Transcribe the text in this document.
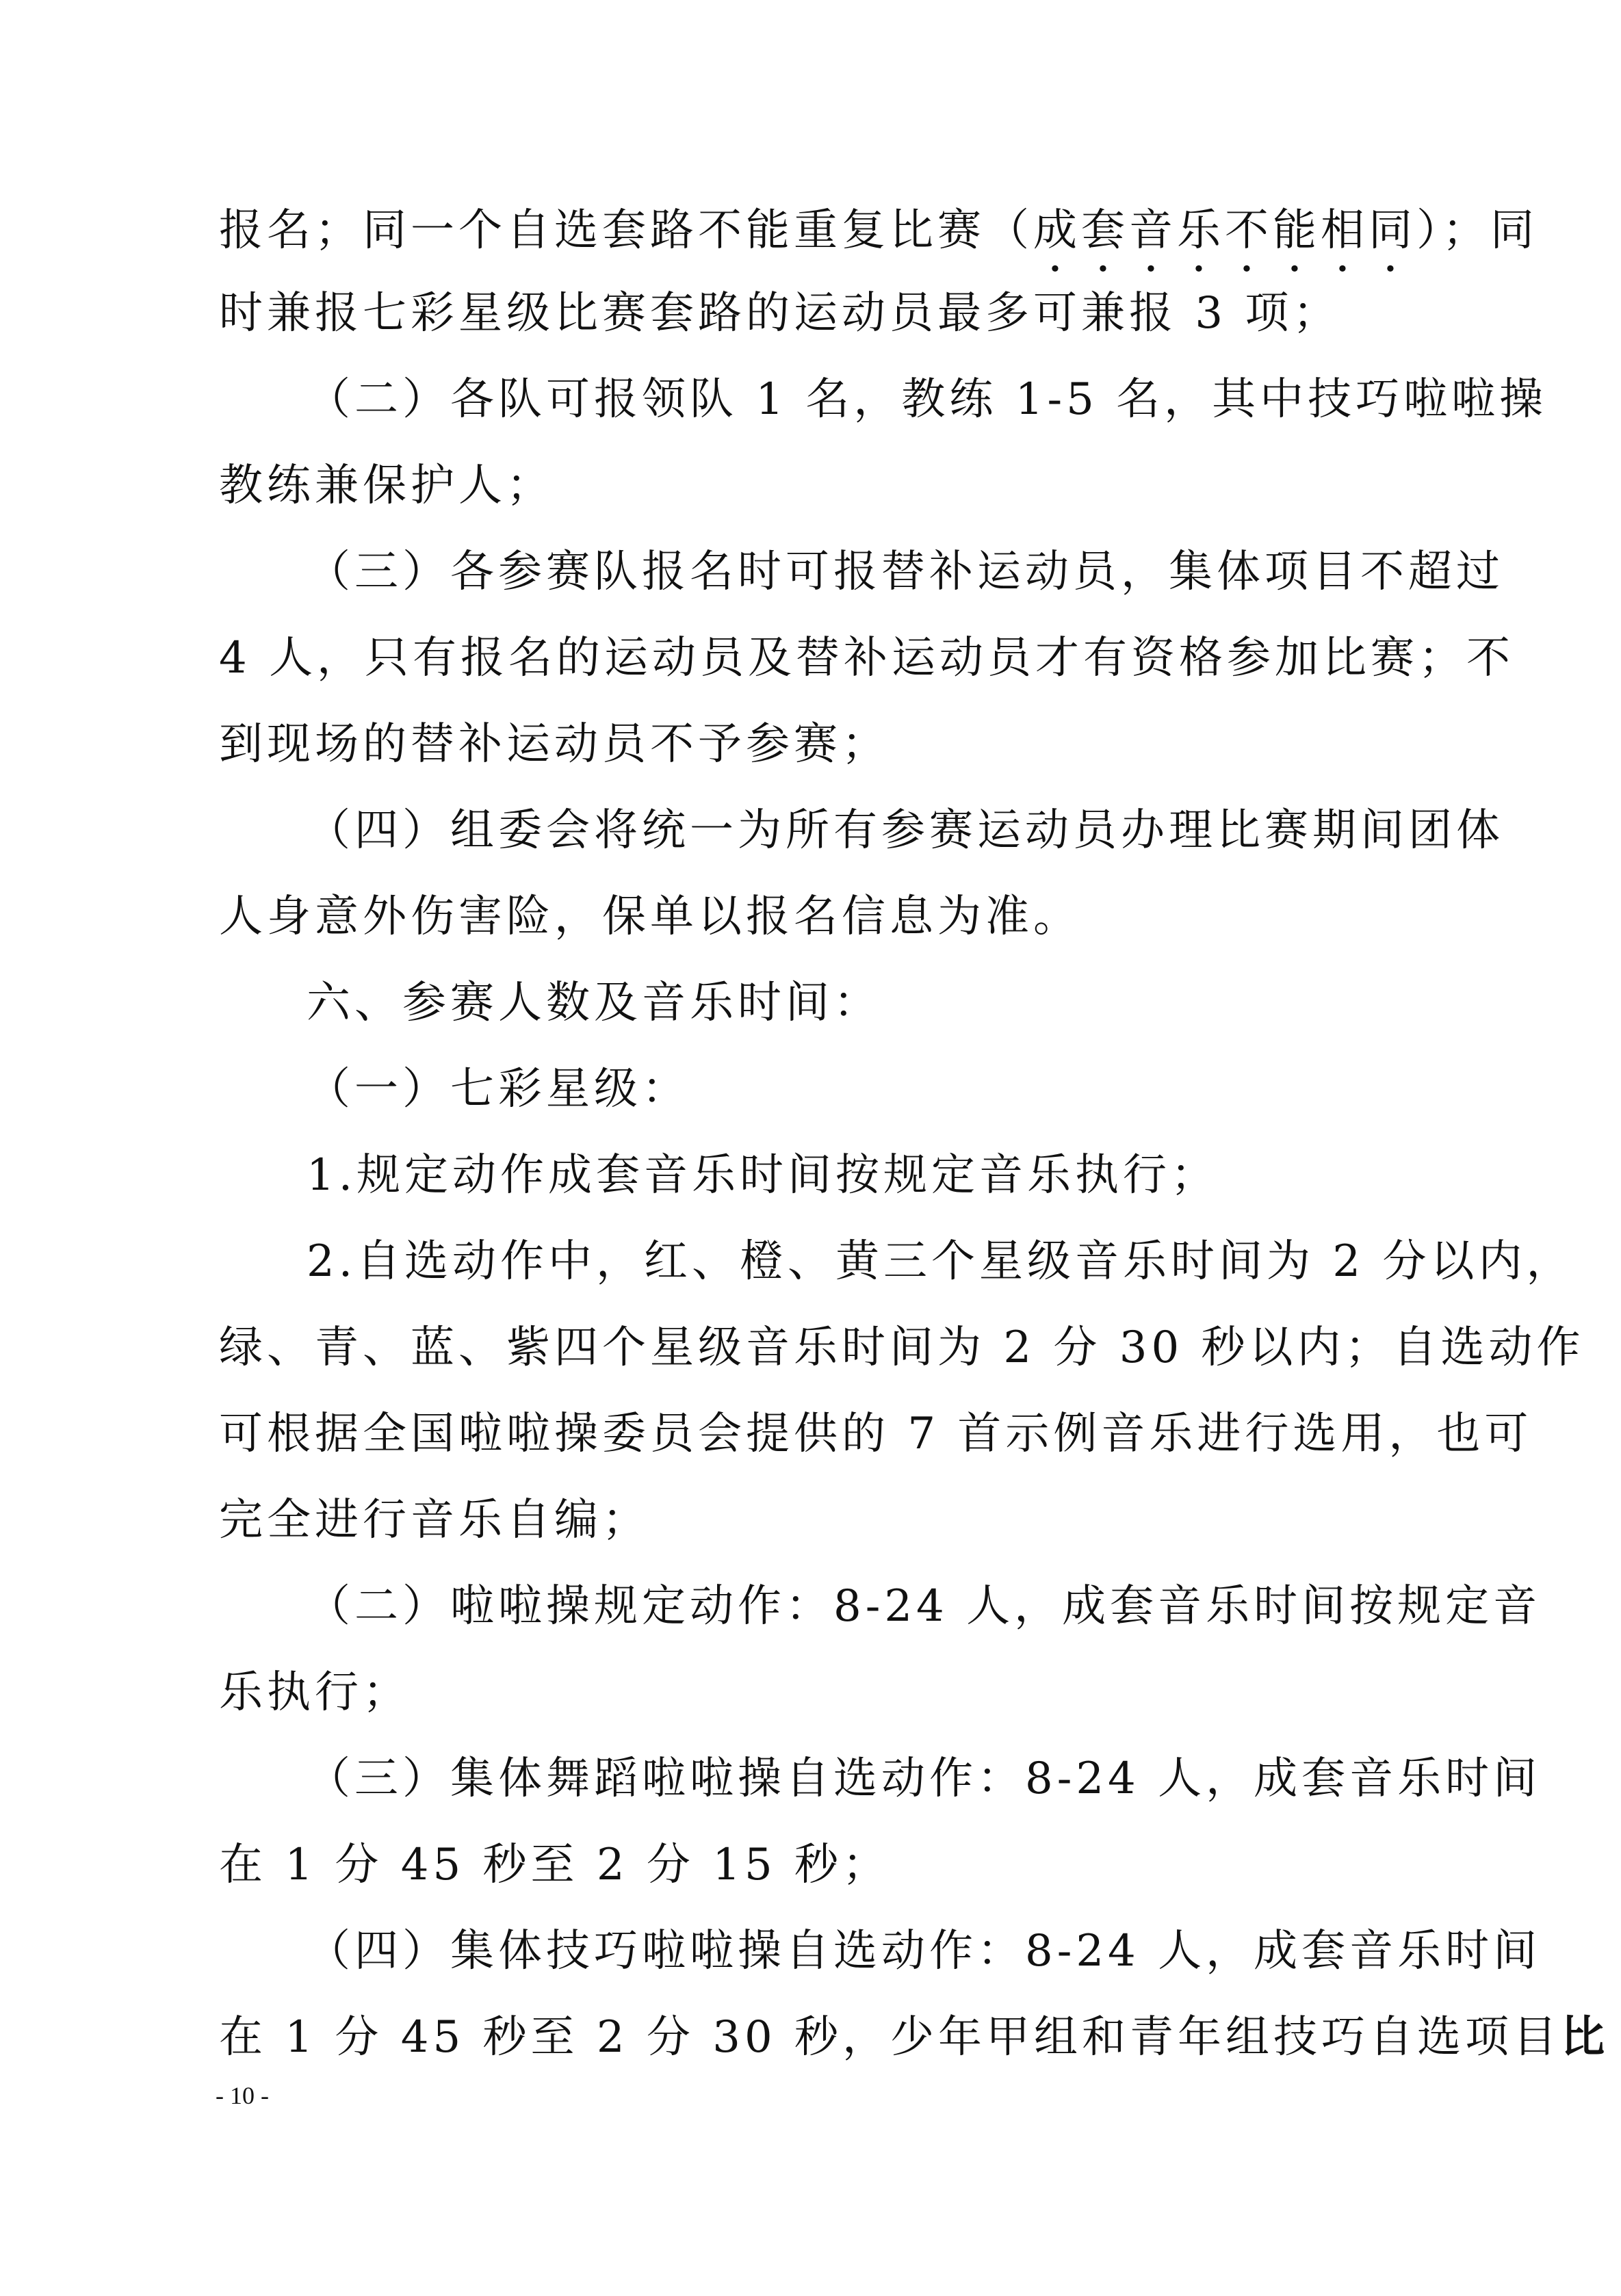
报名；同一个自选套路不能重复比赛（成套音乐不能相同）；同
时兼报七彩星级比赛套路的运动员最多可兼报 3 项；
（二）各队可报领队 1 名，教练 1-5 名，其中技巧啦啦操
教练兼保护人；
（三）各参赛队报名时可报替补运动员，集体项目不超过
4 人，只有报名的运动员及替补运动员才有资格参加比赛；不
到现场的替补运动员不予参赛；
（四）组委会将统一为所有参赛运动员办理比赛期间团体
人身意外伤害险，保单以报名信息为准。
六、参赛人数及音乐时间：
（一）七彩星级：
1.规定动作成套音乐时间按规定音乐执行；
2.自选动作中，红、橙、黄三个星级音乐时间为 2 分以内，
绿、青、蓝、紫四个星级音乐时间为 2 分 30 秒以内；自选动作
可根据全国啦啦操委员会提供的 7 首示例音乐进行选用，也可
完全进行音乐自编；
（二）啦啦操规定动作：8-24 人，成套音乐时间按规定音
乐执行；
（三）集体舞蹈啦啦操自选动作：8-24 人，成套音乐时间
在 1 分 45 秒至 2 分 15 秒；
（四）集体技巧啦啦操自选动作：8-24 人，成套音乐时间
在 1 分 45 秒至 2 分 30 秒，少年甲组和青年组技巧自选项目比
- 10 -
